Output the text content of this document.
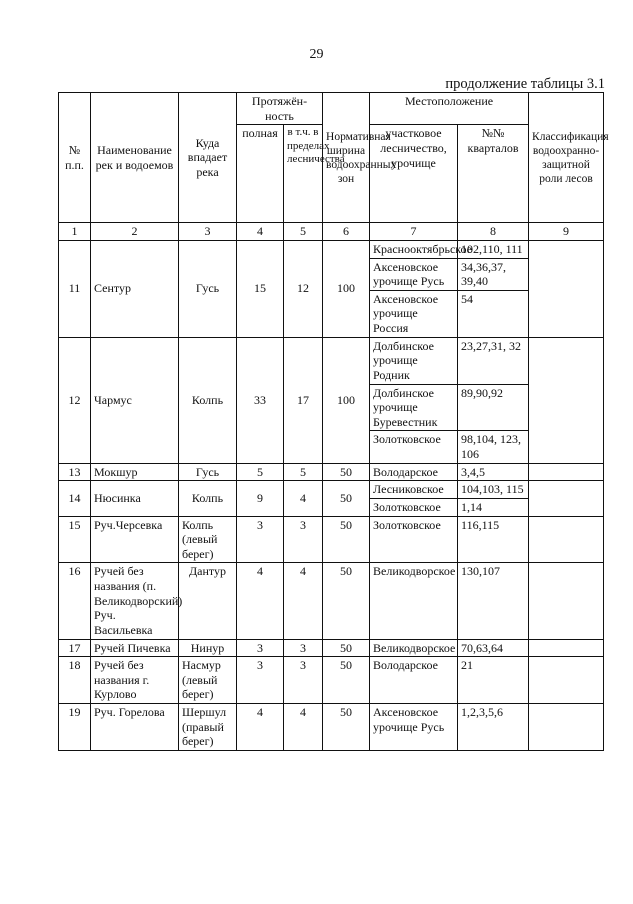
29
продолжение таблицы 3.1
№ п.п.	Наименование рек и водоемов	Куда впадает река	Протяжён-ность		Нормативная ширина водоохранных зон	Местоположение		Классификация водоохранно-защитной роли лесов
			полная	в т.ч. в пределах лесничества		участковое лесничество, урочище	№№ кварталов	
1	2	3	4	5	6	7	8	9
11	Сентур	Гусь	15	12	100	Краснооктябрьское	102,110, 111	
						Аксеновское урочище Русь	34,36,37, 39,40	
						Аксеновское урочище Россия	54	
12	Чармус	Колпь	33	17	100	Долбинское урочище Родник	23,27,31, 32	
						Долбинское урочище Буревестник	89,90,92	
						Золотковское	98,104, 123, 106	
13	Мокшур	Гусь	5	5	50	Володарское	3,4,5	
14	Нюсинка	Колпь	9	4	50	Лесниковское	104,103, 115	
						Золотковское	1,14	
15	Руч.Черсевка	Колпь (левый берег)	3	3	50	Золотковское	116,115	
16	Ручей без названия (п. Великодворский) Руч. Васильевка	Дантур	4	4	50	Великодворское	130,107	
17	Ручей Пичевка	Нинур	3	3	50	Великодворское	70,63,64	
18	Ручей без названия г. Курлово	Насмур (левый берег)	3	3	50	Володарское	21	
19	Руч. Горелова	Шершул (правый берег)	4	4	50	Аксеновское урочище Русь	1,2,3,5,6	
